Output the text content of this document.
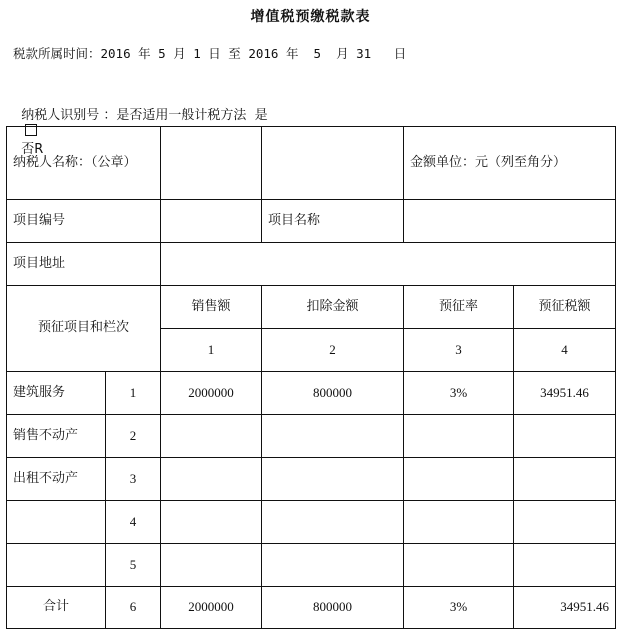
增值税预缴税款表
税款所属时间：2016 年 5 月 1 日 至 2016 年  5  月 31   日

纳税人识别号 ：是否适用一般计税方法  是

否R

纳税人名称：（公章）				金额单位：元（列至角分）	
项目编号			项目名称		
项目地址					
预征项目和栏次		销售额	扣除金额	预征率	预征税额
		1	2	3	4
建筑服务	1	2000000	800000	3%	34951.46
销售不动产	2				
出租不动产	3				
	4				
	5				
合计	6	2000000	800000	3%	34951.46
